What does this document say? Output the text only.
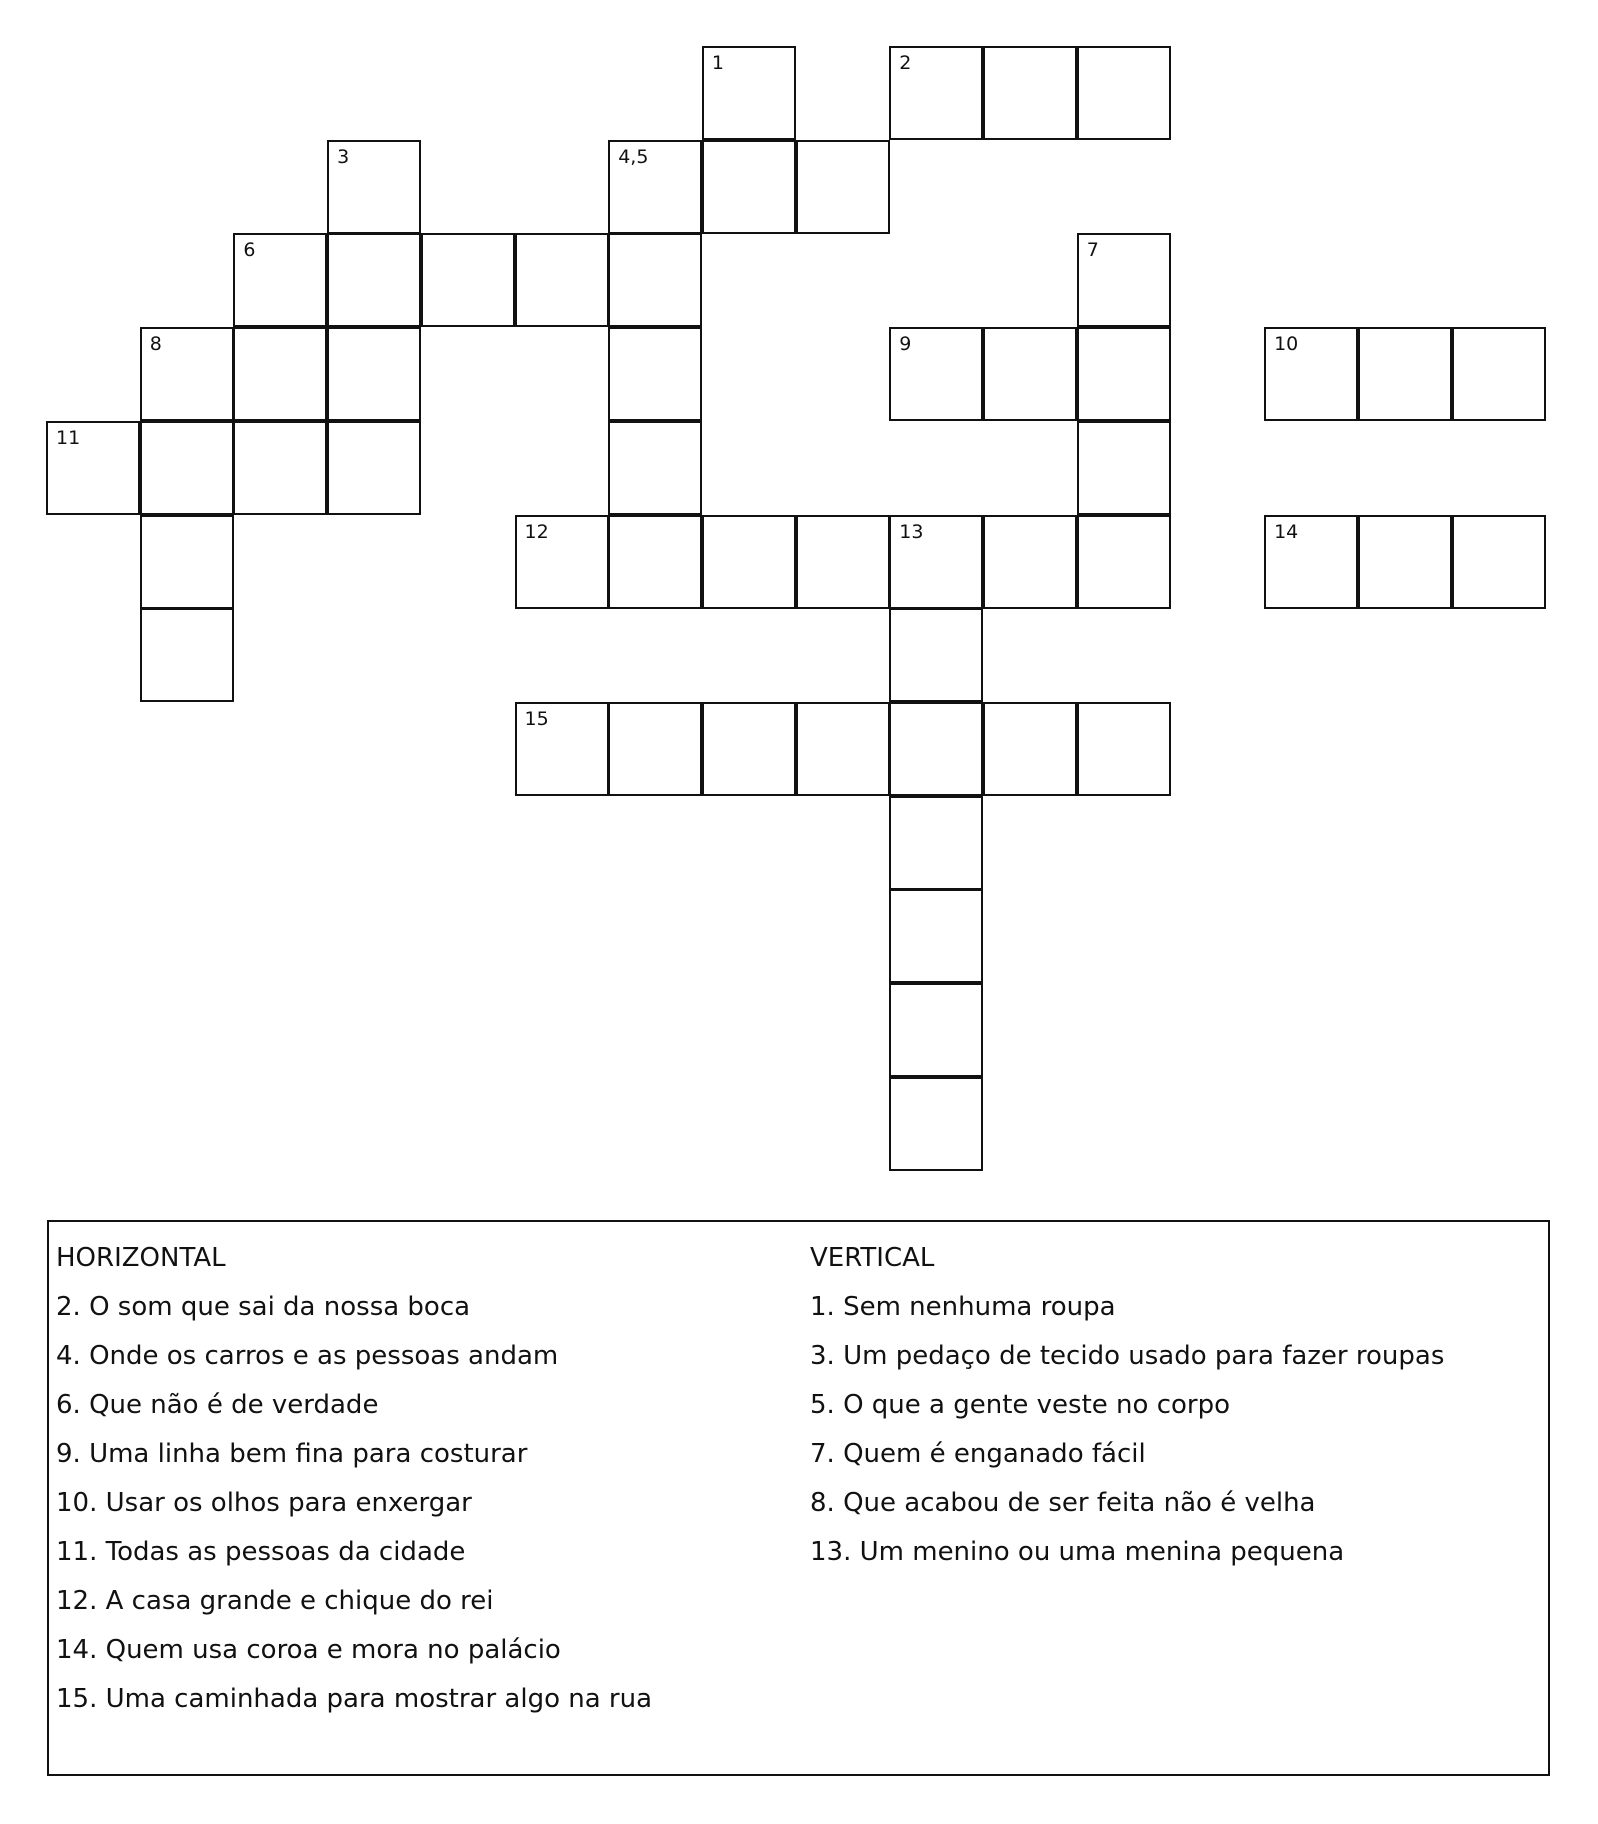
1	2
3	4,5
6	7
8	9	10
11
12	13	14
15
HORIZONTAL
2. O som que sai da nossa boca
4. Onde os carros e as pessoas andam
6. Que não é de verdade
9. Uma linha bem fina para costurar
10. Usar os olhos para enxergar
11. Todas as pessoas da cidade
12. A casa grande e chique do rei
14. Quem usa coroa e mora no palácio
15. Uma caminhada para mostrar algo na rua
VERTICAL
1. Sem nenhuma roupa
3. Um pedaço de tecido usado para fazer roupas
5. O que a gente veste no corpo
7. Quem é enganado fácil
8. Que acabou de ser feita não é velha
13. Um menino ou uma menina pequena
